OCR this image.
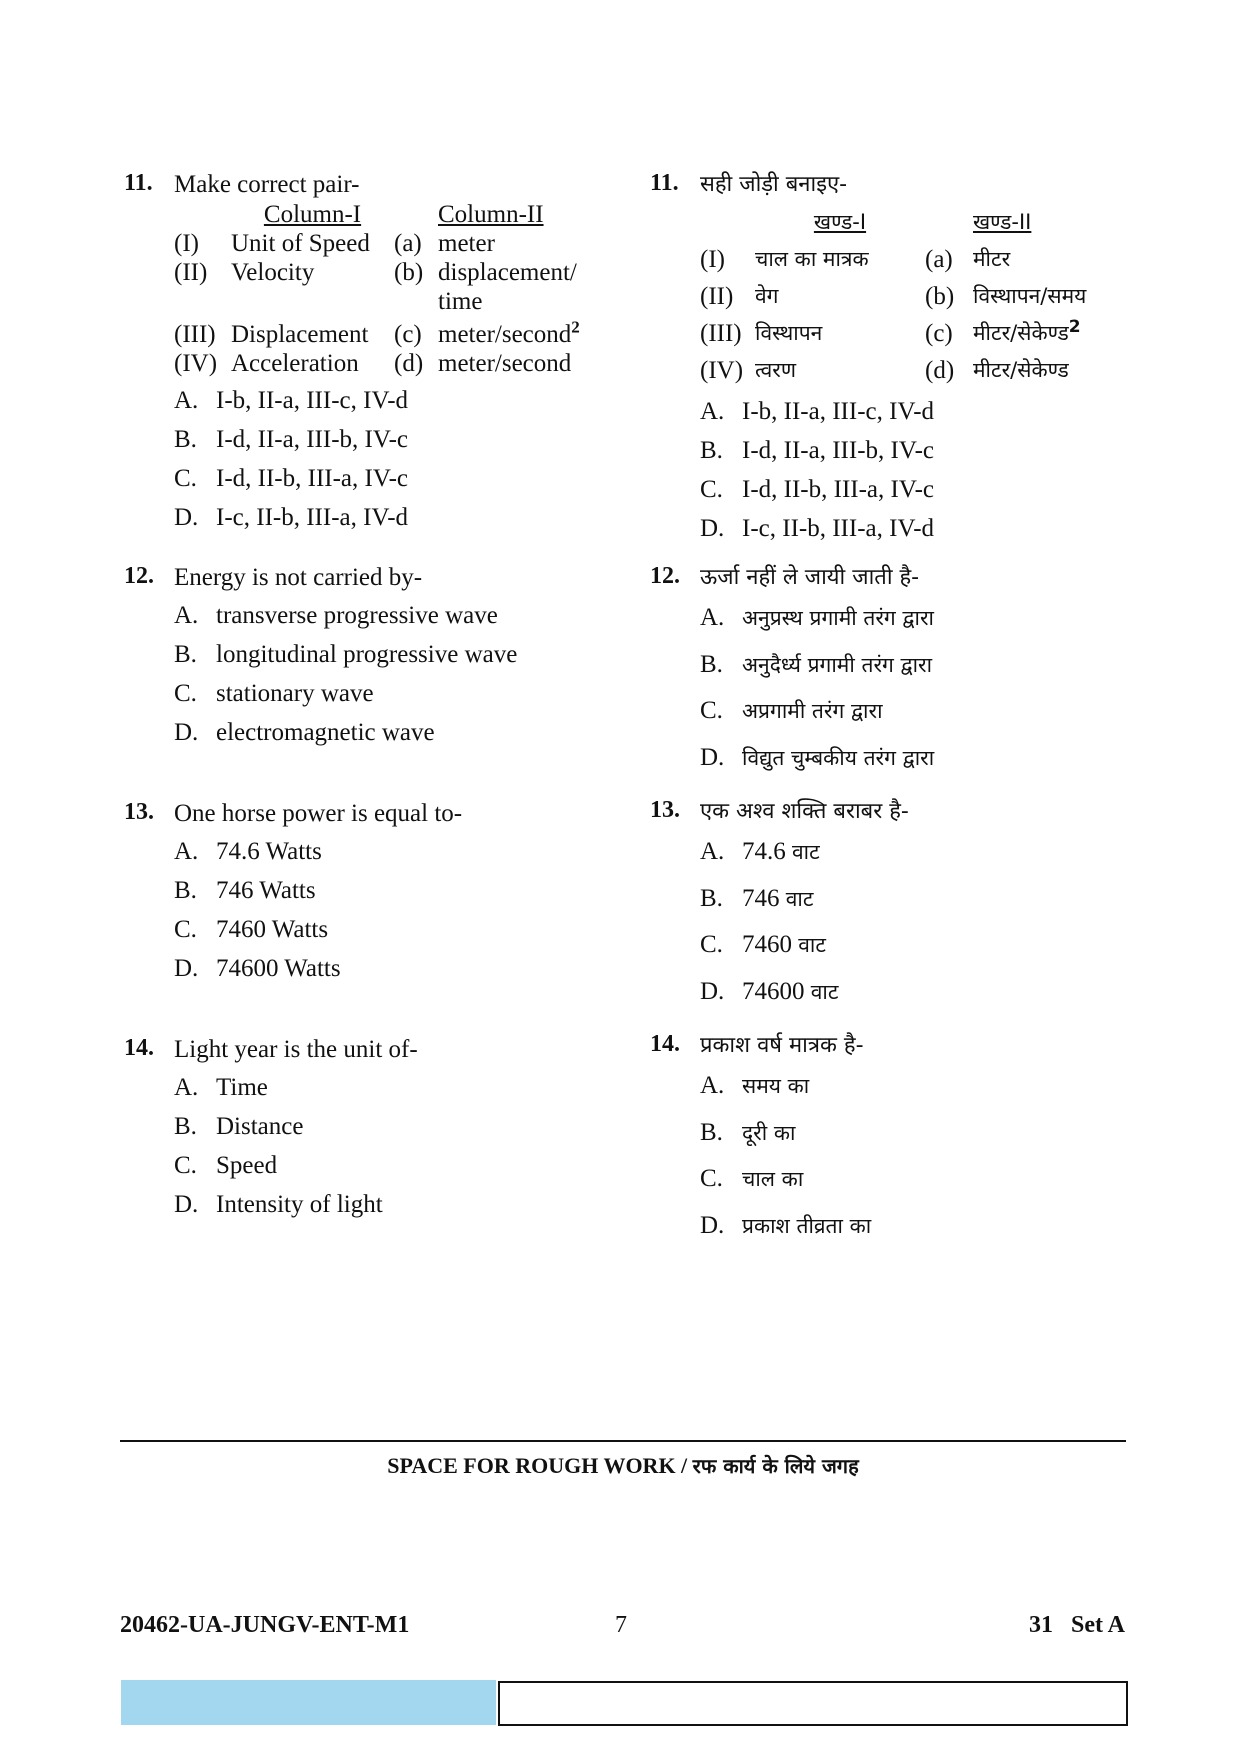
11. Make correct pair-
	Column-I		Column-II
(I)	Unit of Speed	(a)	meter
(II)	Velocity	(b)	displacement/ time
(III)	Displacement	(c)	meter/second$^2$
(IV)	Acceleration	(d)	meter/second
A. I-b, II-a, III-c, IV-d
B. I-d, II-a, III-b, IV-c
C. I-d, II-b, III-a, IV-c
D. I-c, II-b, III-a, IV-d
12. Energy is not carried by-
A. transverse progressive wave
B. longitudinal progressive wave
C. stationary wave
D. electromagnetic wave
13. One horse power is equal to-
A. 74.6 Watts
B. 746 Watts
C. 7460 Watts
D. 74600 Watts
14. Light year is the unit of-
A. Time
B. Distance
C. Speed
D. Intensity of light
11. सही जोड़ी बनाइए-
	खण्ड-I		खण्ड-II
(I)	चाल का मात्रक	(a)	मीटर
(II)	वेग	(b)	विस्थापन/समय
(III)	विस्थापन	(c)	मीटर/सेकेण्ड$^2$
(IV)	त्वरण	(d)	मीटर/सेकेण्ड
A. I-b, II-a, III-c, IV-d
B. I-d, II-a, III-b, IV-c
C. I-d, II-b, III-a, IV-c
D. I-c, II-b, III-a, IV-d
12. ऊर्जा नहीं ले जायी जाती है-
A. अनुप्रस्थ प्रगामी तरंग द्वारा
B. अनुदैर्ध्य प्रगामी तरंग द्वारा
C. अप्रगामी तरंग द्वारा
D. विद्युत चुम्बकीय तरंग द्वारा
13. एक अश्व शक्ति बराबर है-
A. 74.6 वाट
B. 746 वाट
C. 7460 वाट
D. 74600 वाट
14. प्रकाश वर्ष मात्रक है-
A. समय का
B. दूरी का
C. चाल का
D. प्रकाश तीव्रता का
SPACE FOR ROUGH WORK / रफ कार्य के लिये जगह
20462-UA-JUNGV-ENT-M1	7	31   Set A
